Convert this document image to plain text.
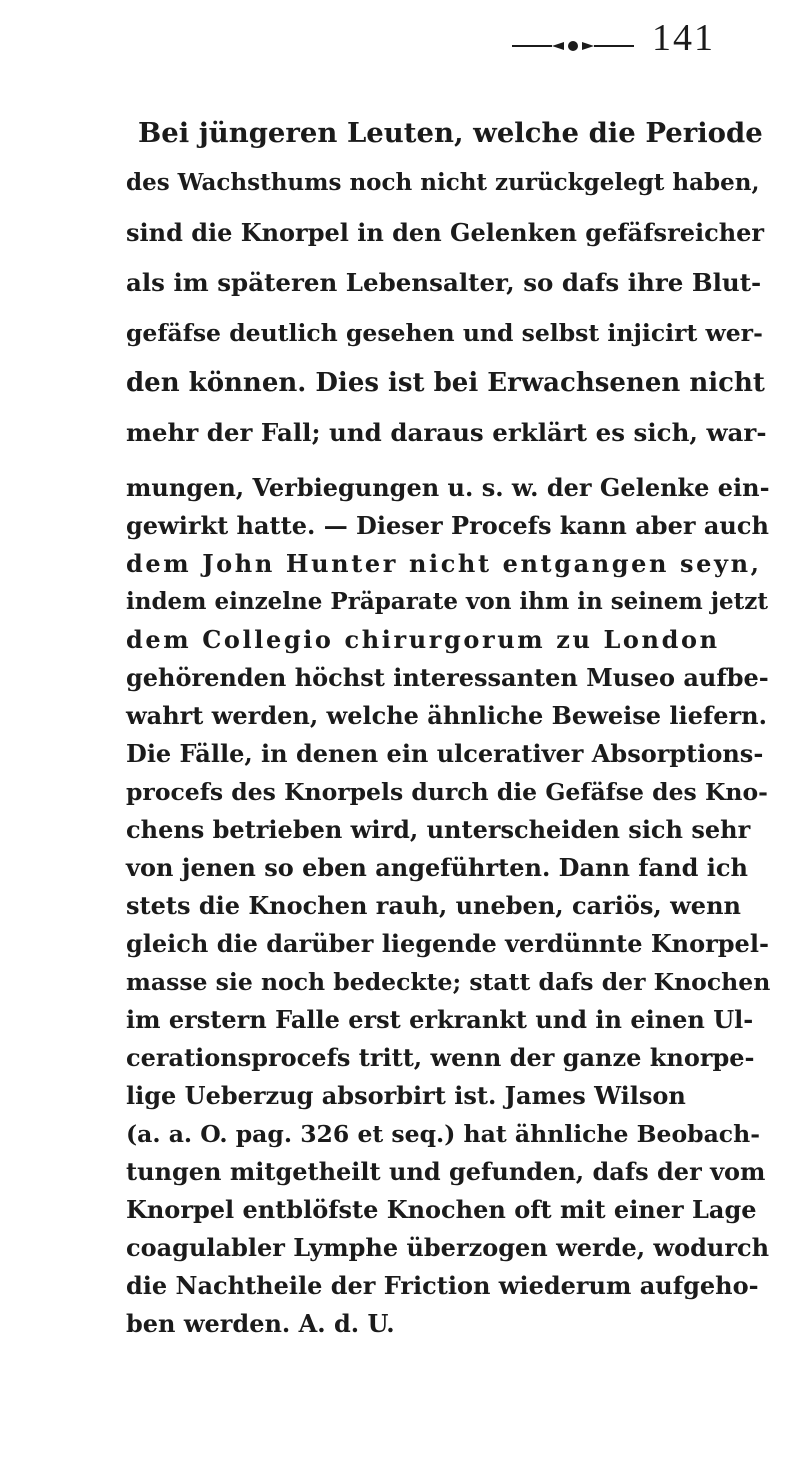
141
Bei jüngeren Leuten, welche die Periode
des Wachsthums noch nicht zurückgelegt haben,
sind die Knorpel in den Gelenken gefäfsreicher
als im späteren Lebensalter, so dafs ihre Blut-
gefäfse deutlich gesehen und selbst injicirt wer-
den können. Dies ist bei Erwachsenen nicht
mehr der Fall; und daraus erklärt es sich, war-
mungen, Verbiegungen u. s. w. der Gelenke ein-
gewirkt hatte. — Dieser Procefs kann aber auch
dem John Hunter nicht entgangen seyn,
indem einzelne Präparate von ihm in seinem jetzt
dem Collegio chirurgorum zu London
gehörenden höchst interessanten Museo aufbe-
wahrt werden, welche ähnliche Beweise liefern.
Die Fälle, in denen ein ulcerativer Absorptions-
procefs des Knorpels durch die Gefäfse des Kno-
chens betrieben wird, unterscheiden sich sehr
von jenen so eben angeführten. Dann fand ich
stets die Knochen rauh, uneben, cariös, wenn
gleich die darüber liegende verdünnte Knorpel-
masse sie noch bedeckte; statt dafs der Knochen
im erstern Falle erst erkrankt und in einen Ul-
cerationsprocefs tritt, wenn der ganze knorpe-
lige Ueberzug absorbirt ist. James Wilson
(a. a. O. pag. 326 et seq.) hat ähnliche Beobach-
tungen mitgetheilt und gefunden, dafs der vom
Knorpel entblöfste Knochen oft mit einer Lage
coagulabler Lymphe überzogen werde, wodurch
die Nachtheile der Friction wiederum aufgeho-
ben werden. A. d. U.
